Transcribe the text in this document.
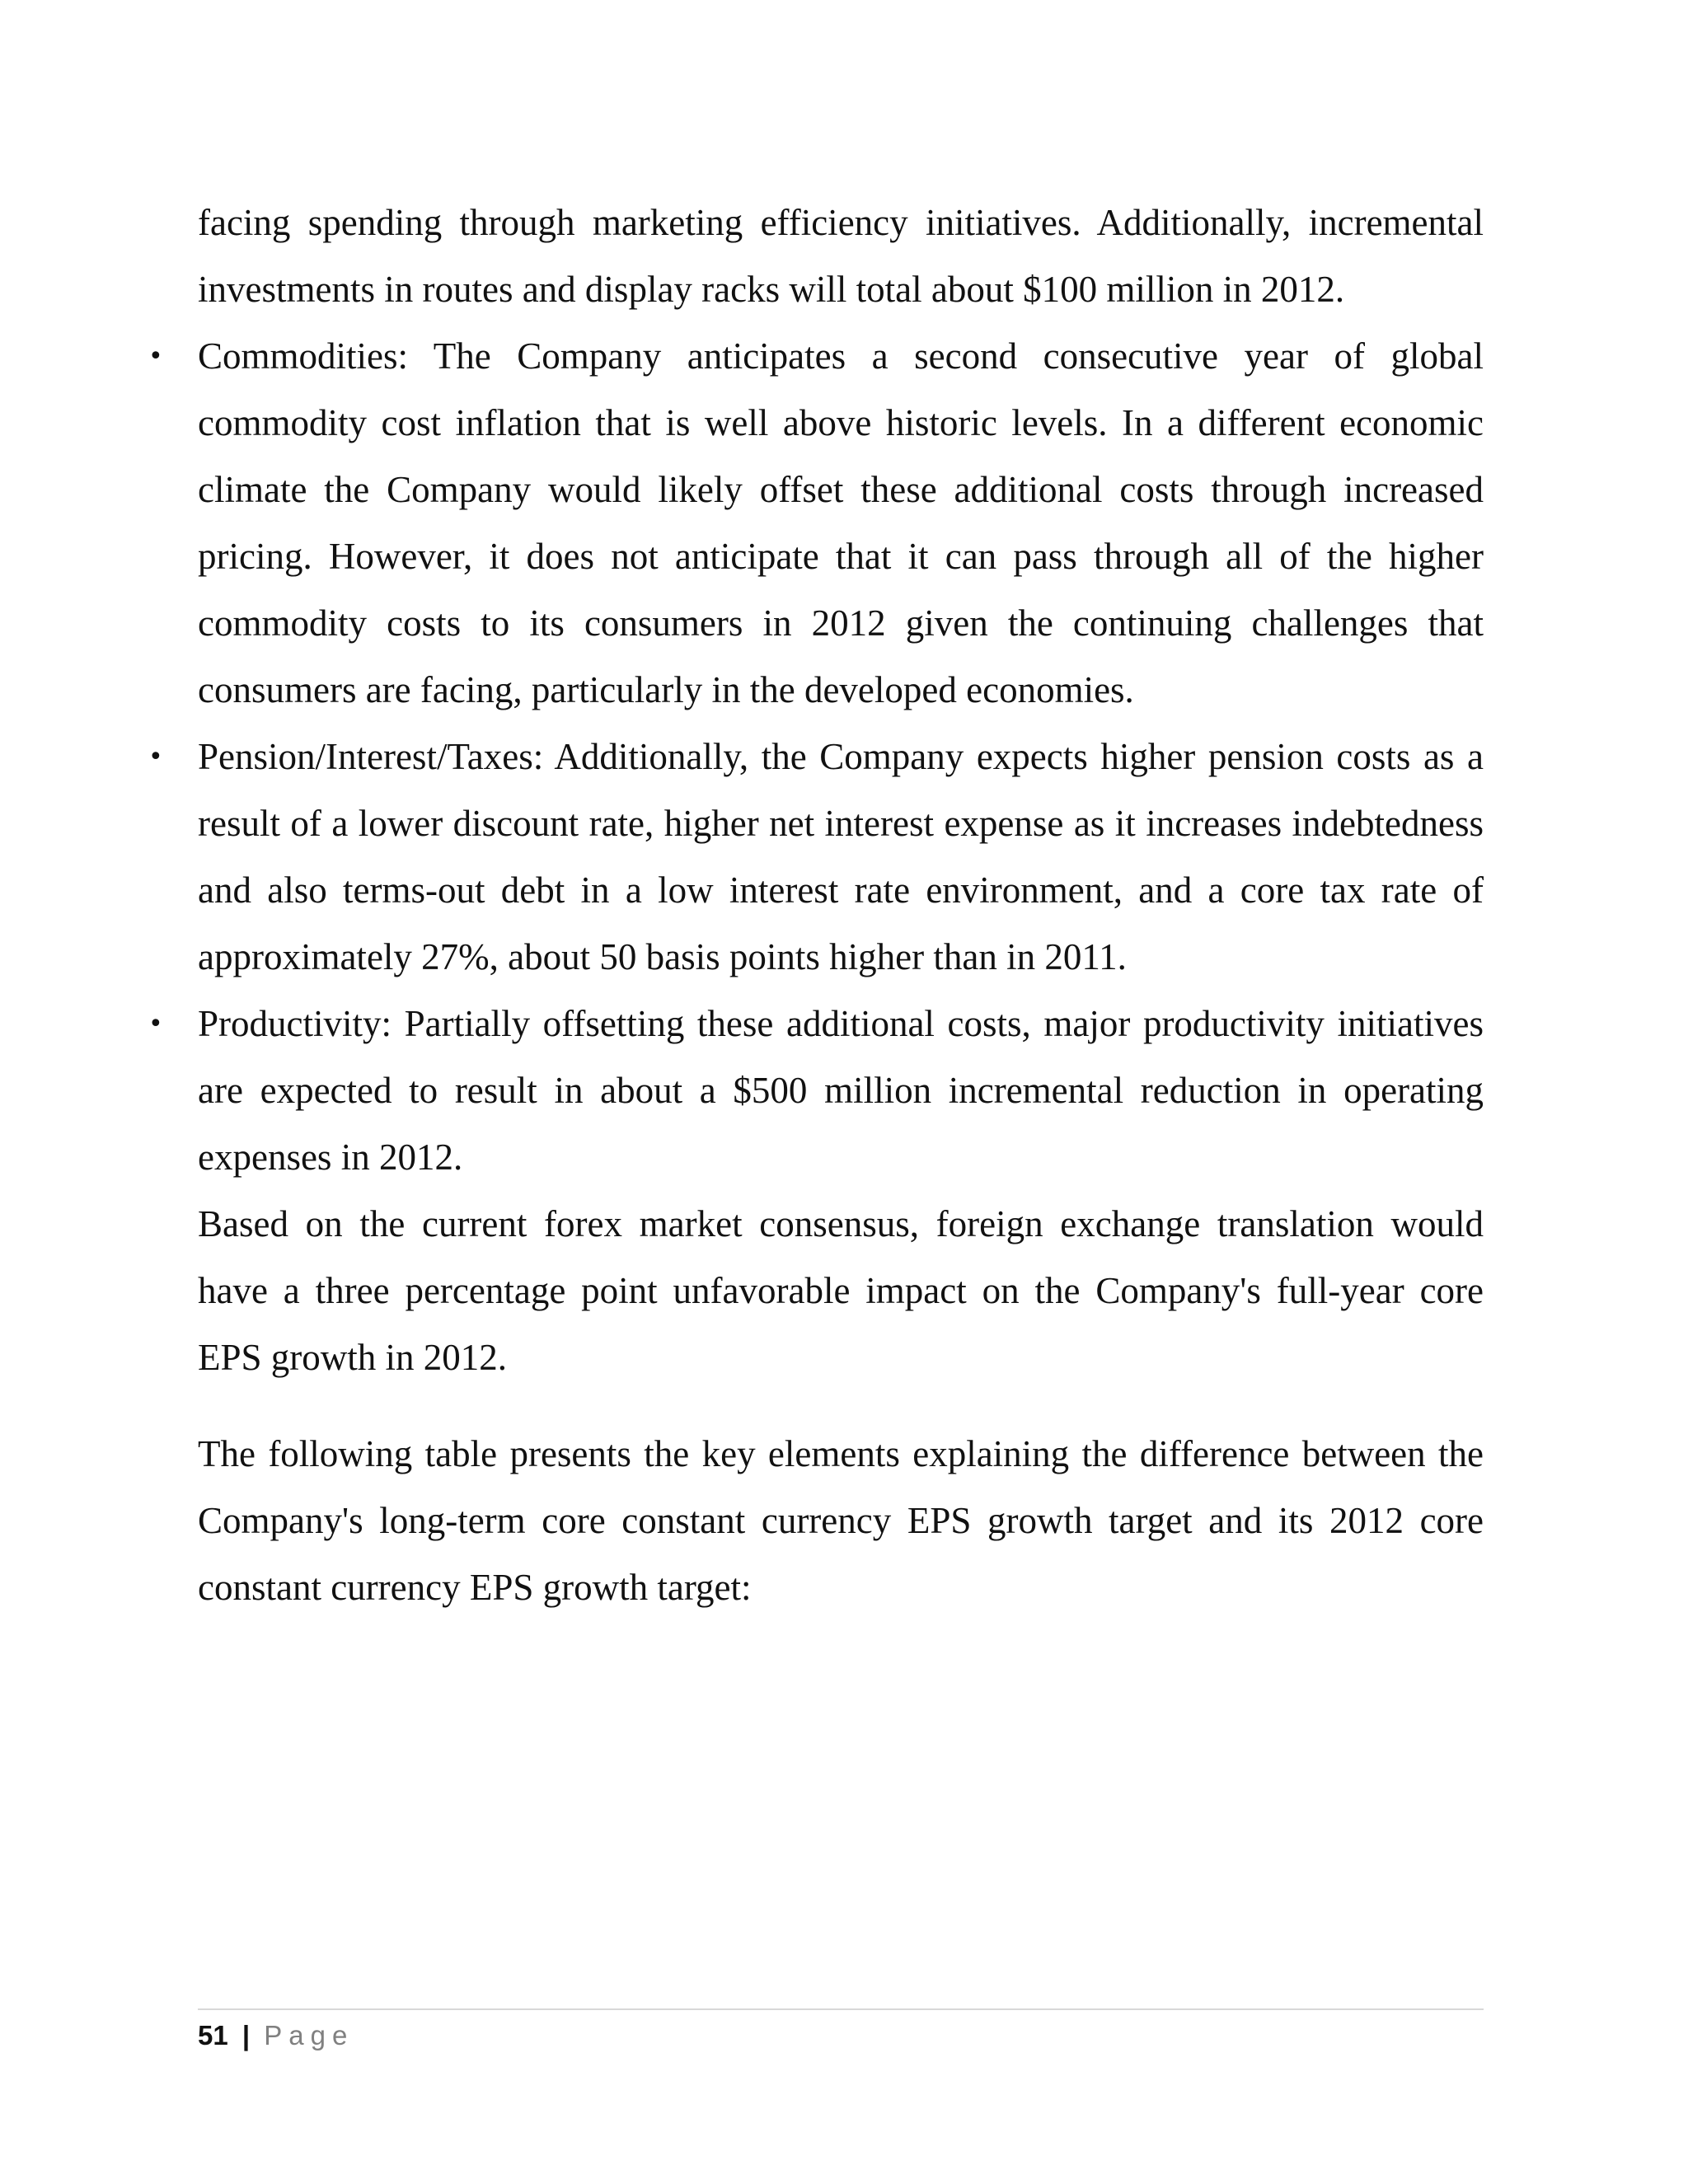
facing spending through marketing efficiency initiatives. Additionally, incremental investments in routes and display racks will total about $100 million in 2012.

• Commodities: The Company anticipates a second consecutive year of global commodity cost inflation that is well above historic levels. In a different economic climate the Company would likely offset these additional costs through increased pricing. However, it does not anticipate that it can pass through all of the higher commodity costs to its consumers in 2012 given the continuing challenges that consumers are facing, particularly in the developed economies.
• Pension/Interest/Taxes: Additionally, the Company expects higher pension costs as a result of a lower discount rate, higher net interest expense as it increases indebtedness and also terms-out debt in a low interest rate environment, and a core tax rate of approximately 27%, about 50 basis points higher than in 2011.
• Productivity: Partially offsetting these additional costs, major productivity initiatives are expected to result in about a $500 million incremental reduction in operating expenses in 2012.

Based on the current forex market consensus, foreign exchange translation would have a three percentage point unfavorable impact on the Company's full-year core EPS growth in 2012.

The following table presents the key elements explaining the difference between the Company's long-term core constant currency EPS growth target and its 2012 core constant currency EPS growth target:

51 | Page
